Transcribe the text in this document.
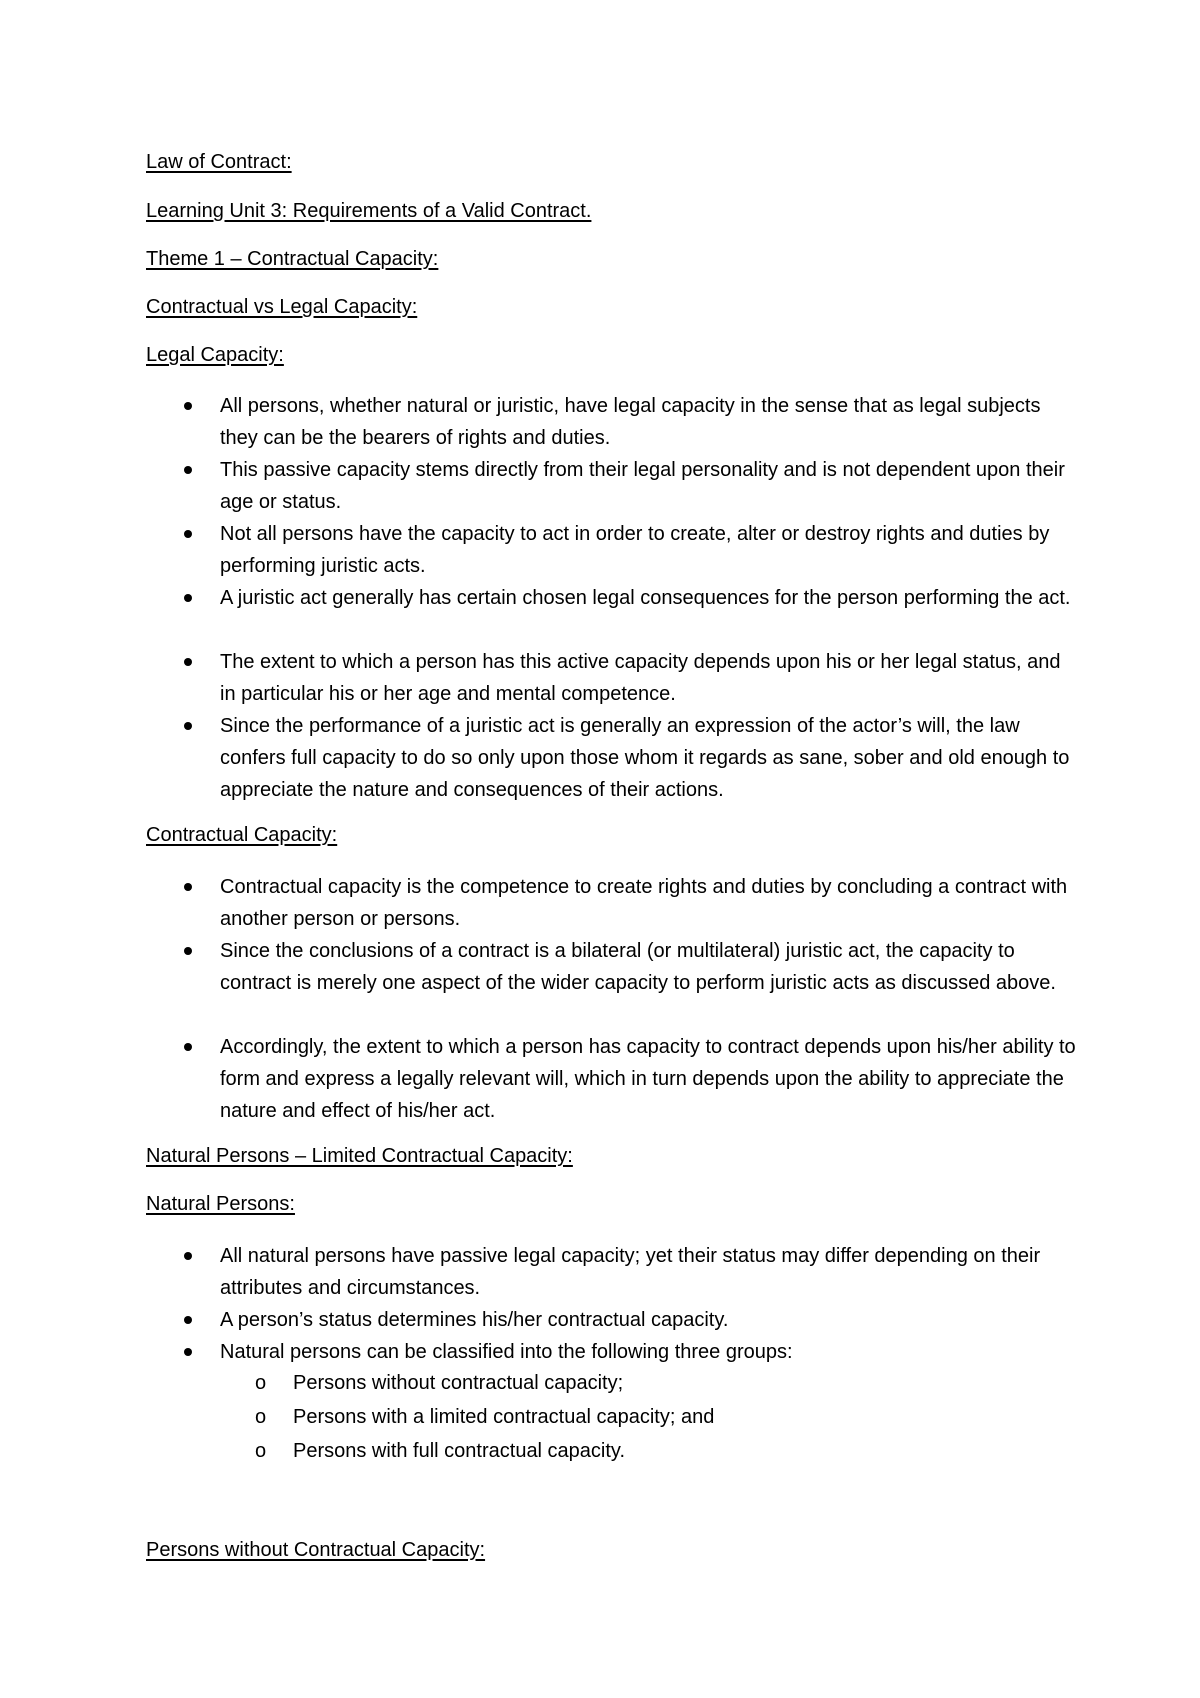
Law of Contract:
Learning Unit 3: Requirements of a Valid Contract.
Theme 1 – Contractual Capacity:
Contractual vs Legal Capacity:
Legal Capacity:
All persons, whether natural or juristic, have legal capacity in the sense that as legal subjects they can be the bearers of rights and duties.
This passive capacity stems directly from their legal personality and is not dependent upon their age or status.
Not all persons have the capacity to act in order to create, alter or destroy rights and duties by performing juristic acts.
A juristic act generally has certain chosen legal consequences for the person performing the act.
The extent to which a person has this active capacity depends upon his or her legal status, and in particular his or her age and mental competence.
Since the performance of a juristic act is generally an expression of the actor’s will, the law confers full capacity to do so only upon those whom it regards as sane, sober and old enough to appreciate the nature and consequences of their actions.
Contractual Capacity:
Contractual capacity is the competence to create rights and duties by concluding a contract with another person or persons.
Since the conclusions of a contract is a bilateral (or multilateral) juristic act, the capacity to contract is merely one aspect of the wider capacity to perform juristic acts as discussed above.
Accordingly, the extent to which a person has capacity to contract depends upon his/her ability to form and express a legally relevant will, which in turn depends upon the ability to appreciate the nature and effect of his/her act.
Natural Persons – Limited Contractual Capacity:
Natural Persons:
All natural persons have passive legal capacity; yet their status may differ depending on their attributes and circumstances.
A person’s status determines his/her contractual capacity.
Natural persons can be classified into the following three groups:
o Persons without contractual capacity;
o Persons with a limited contractual capacity; and
o Persons with full contractual capacity.
Persons without Contractual Capacity:
